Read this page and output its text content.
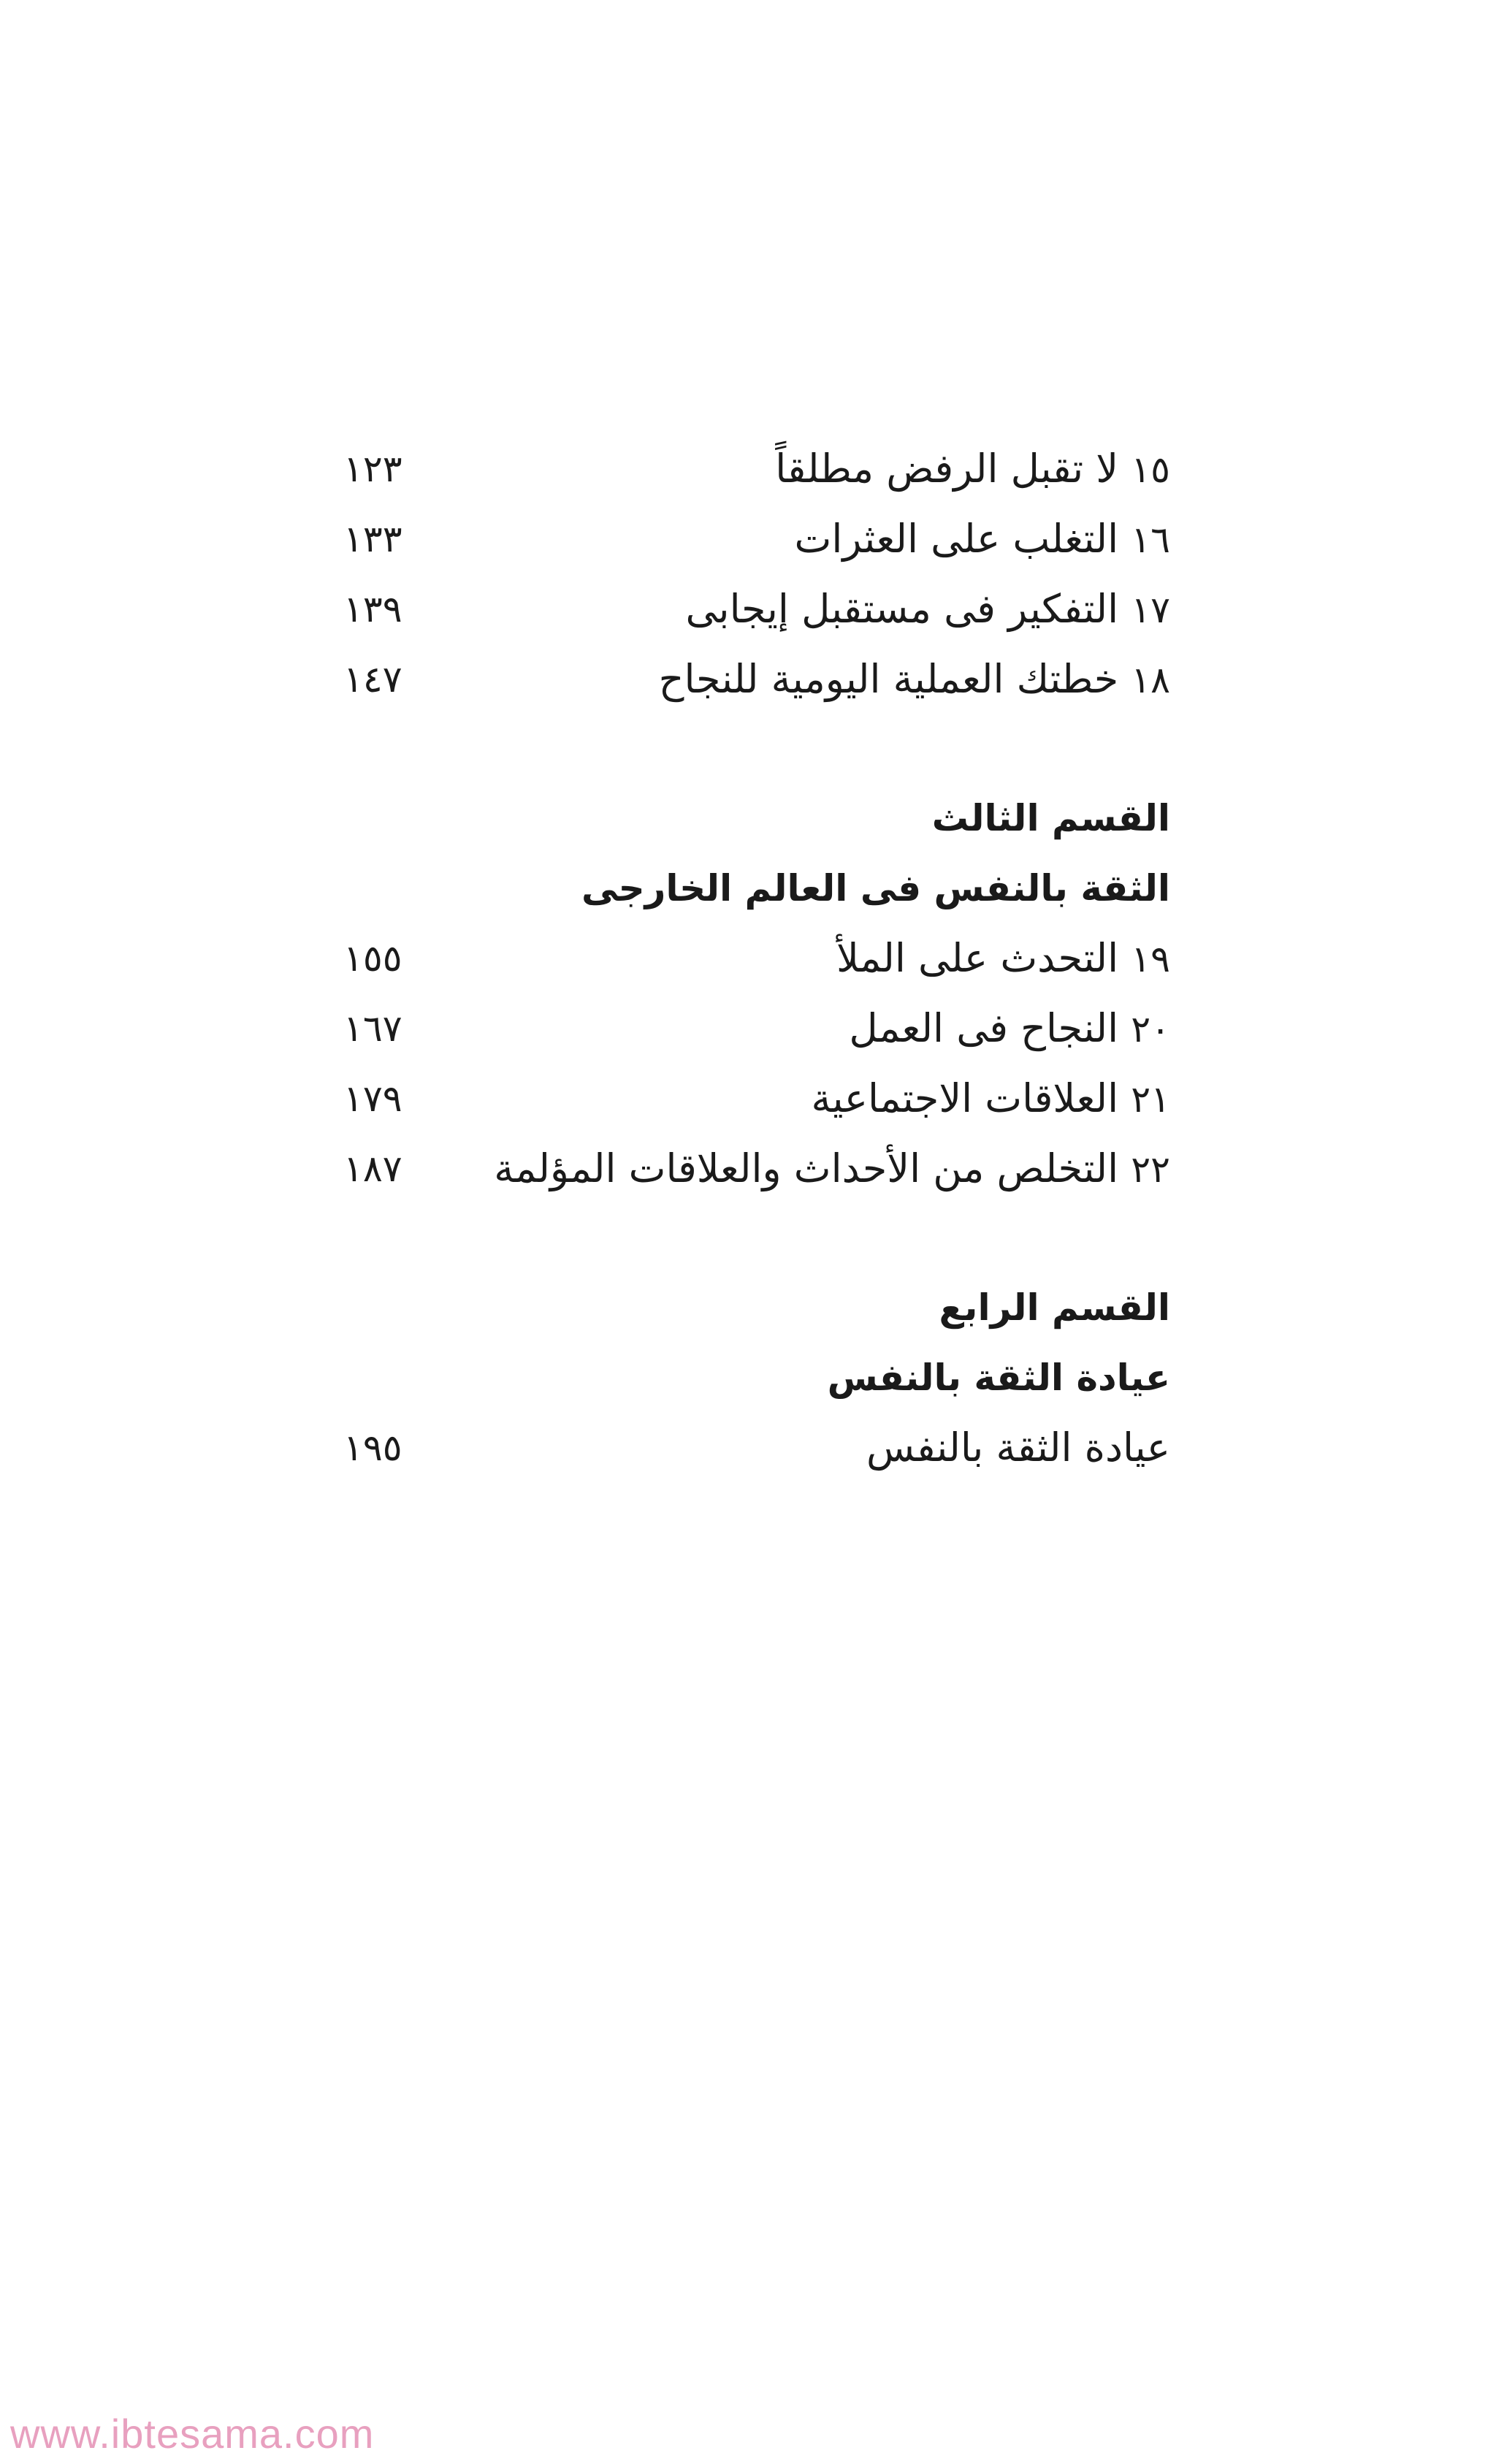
١٥ لا تقبل الرفض مطلقاً
١٢٣
١٦ التغلب على العثرات
١٣٣
١٧ التفكير فى مستقبل إيجابى
١٣٩
١٨ خطتك العملية اليومية للنجاح
١٤٧
القسم الثالث
الثقة بالنفس فى العالم الخارجى
١٩ التحدث على الملأ
١٥٥
٢٠ النجاح فى العمل
١٦٧
٢١ العلاقات الاجتماعية
١٧٩
٢٢ التخلص من الأحداث والعلاقات المؤلمة
١٨٧
القسم الرابع
عيادة الثقة بالنفس
عيادة الثقة بالنفس
١٩٥
www.ibtesama.com
